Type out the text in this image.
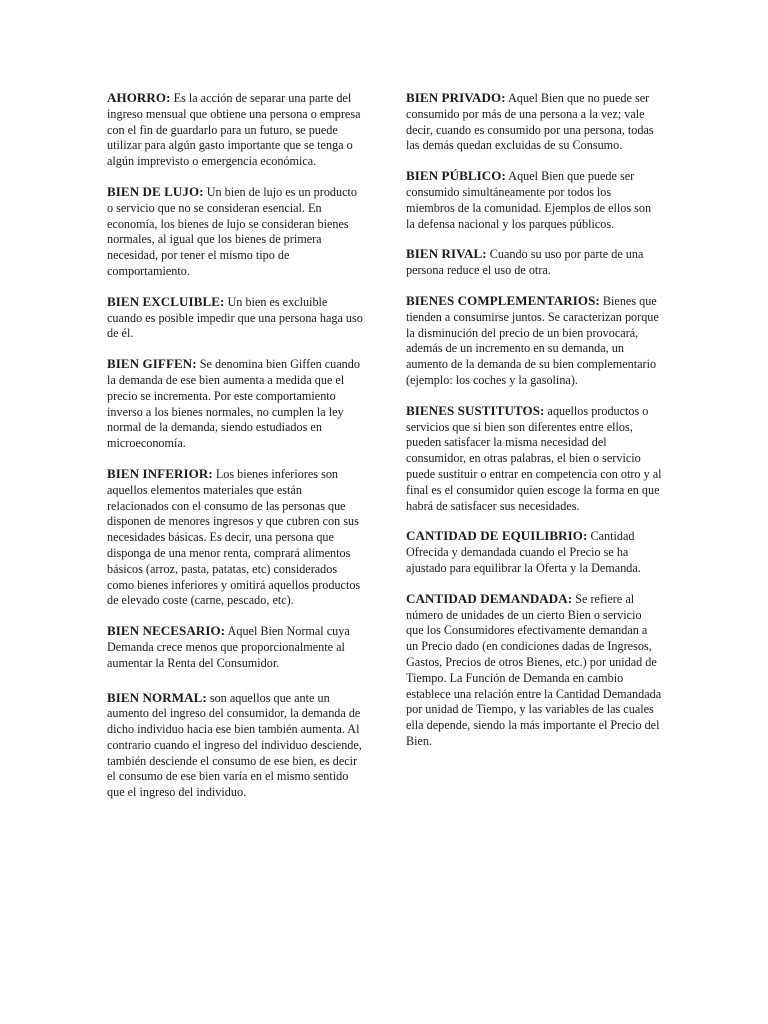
AHORRO: Es la acción de separar una parte del ingreso mensual que obtiene una persona o empresa con el fin de guardarlo para un futuro, se puede utilizar para algún gasto importante que se tenga o algún imprevisto o emergencia económica.

BIEN DE LUJO: Un bien de lujo es un producto o servicio que no se consideran esencial. En economía, los bienes de lujo se consideran bienes normales, al igual que los bienes de primera necesidad, por tener el mismo tipo de comportamiento.

BIEN EXCLUIBLE: Un bien es excluible cuando es posible impedir que una persona haga uso de él.

BIEN GIFFEN: Se denomina bien Giffen cuando la demanda de ese bien aumenta a medida que el precio se incrementa. Por este comportamiento inverso a los bienes normales, no cumplen la ley normal de la demanda, siendo estudiados en microeconomía.

BIEN INFERIOR: Los bienes inferiores son aquellos elementos materiales que están relacionados con el consumo de las personas que disponen de menores ingresos y que cubren con sus necesidades básicas. Es decir, una persona que disponga de una menor renta, comprará alimentos básicos (arroz, pasta, patatas, etc) considerados como bienes inferiores y omitirá aquellos productos de elevado coste (carne, pescado, etc).

BIEN NECESARIO: Aquel Bien Normal cuya Demanda crece menos que proporcionalmente al aumentar la Renta del Consumidor.

BIEN NORMAL: son aquellos que ante un aumento del ingreso del consumidor, la demanda de dicho individuo hacia ese bien también aumenta. Al contrario cuando el ingreso del individuo desciende, también desciende el consumo de ese bien, es decir el consumo de ese bien varía en el mismo sentido que el ingreso del individuo.

BIEN PRIVADO: Aquel Bien que no puede ser consumido por más de una persona a la vez; vale decir, cuando es consumido por una persona, todas las demás quedan excluidas de su Consumo.

BIEN PÚBLICO: Aquel Bien que puede ser consumido simultáneamente por todos los miembros de la comunidad. Ejemplos de ellos son la defensa nacional y los parques públicos.

BIEN RIVAL: Cuando su uso por parte de una persona reduce el uso de otra.

BIENES COMPLEMENTARIOS: Bienes que tienden a consumirse juntos. Se caracterizan porque la disminución del precio de un bien provocará, además de un incremento en su demanda, un aumento de la demanda de su bien complementario (ejemplo: los coches y la gasolina).

BIENES SUSTITUTOS: aquellos productos o servicios que si bien son diferentes entre ellos, pueden satisfacer la misma necesidad del consumidor, en otras palabras, el bien o servicio puede sustituir o entrar en competencia con otro y al final es el consumidor quien escoge la forma en que habrá de satisfacer sus necesidades.

CANTIDAD DE EQUILIBRIO: Cantidad Ofrecida y demandada cuando el Precio se ha ajustado para equilibrar la Oferta y la Demanda.

CANTIDAD DEMANDADA: Se refiere al número de unidades de un cierto Bien o servicio que los Consumidores efectivamente demandan a un Precio dado (en condiciones dadas de Ingresos, Gastos, Precios de otros Bienes, etc.) por unidad de Tiempo. La Función de Demanda en cambio establece una relación entre la Cantidad Demandada por unidad de Tiempo, y las variables de las cuales ella depende, siendo la más importante el Precio del Bien.
